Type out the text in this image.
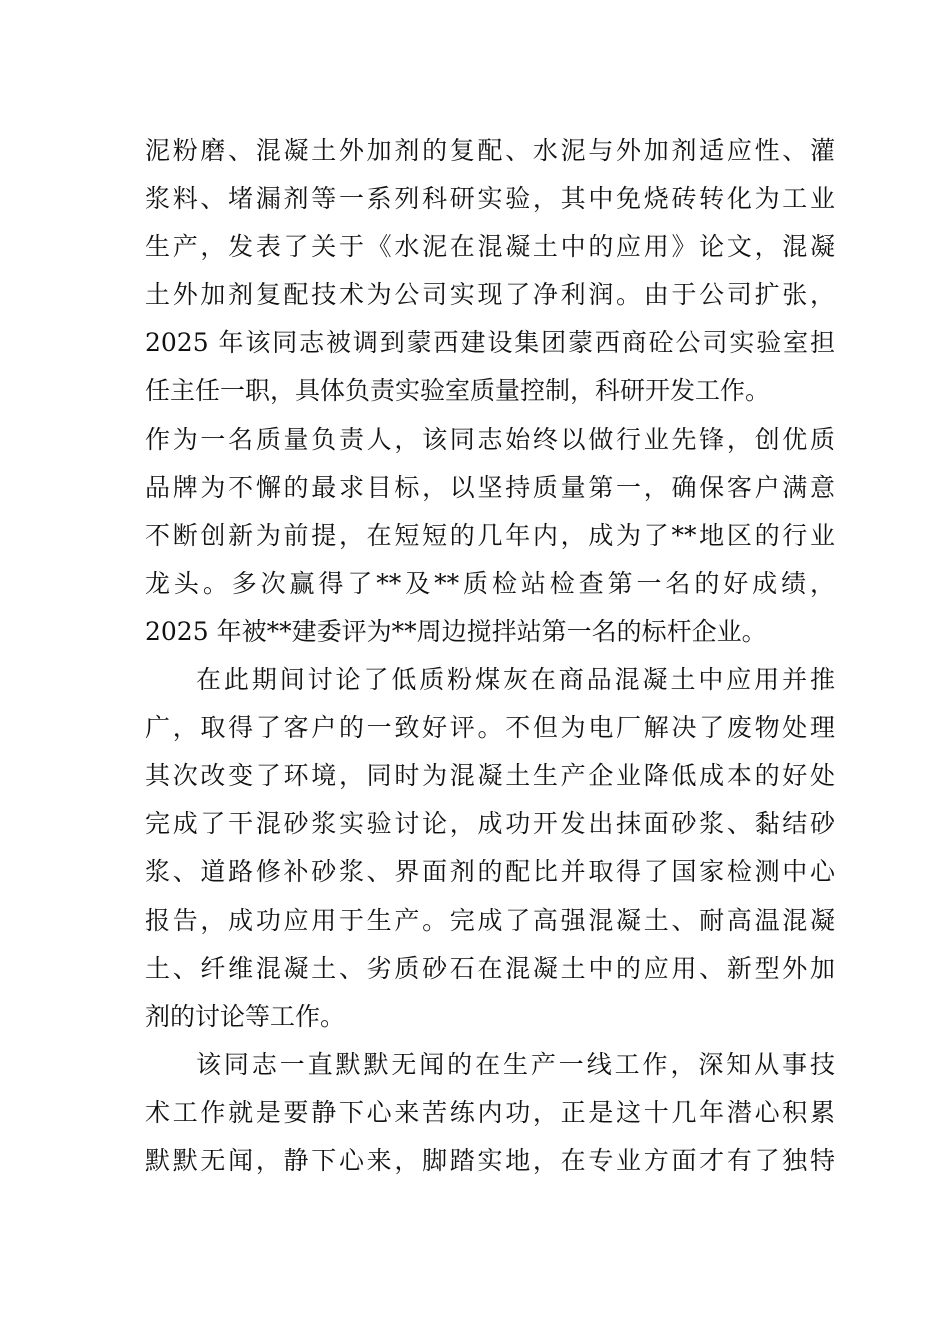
泥粉磨、混凝土外加剂的复配、水泥与外加剂适应性、灌
浆料、堵漏剂等一系列科研实验，其中免烧砖转化为工业
生产，发表了关于《水泥在混凝土中的应用》论文，混凝
土外加剂复配技术为公司实现了净利润。由于公司扩张，
2025 年该同志被调到蒙西建设集团蒙西商砼公司实验室担
任主任一职，具体负责实验室质量控制，科研开发工作。
作为一名质量负责人，该同志始终以做行业先锋，创优质
品牌为不懈的最求目标，以坚持质量第一，确保客户满意
不断创新为前提，在短短的几年内，成为了**地区的行业
龙头。多次赢得了**及**质检站检查第一名的好成绩，
2025 年被**建委评为**周边搅拌站第一名的标杆企业。
在此期间讨论了低质粉煤灰在商品混凝土中应用并推
广，取得了客户的一致好评。不但为电厂解决了废物处理
其次改变了环境，同时为混凝土生产企业降低成本的好处
完成了干混砂浆实验讨论，成功开发出抹面砂浆、黏结砂
浆、道路修补砂浆、界面剂的配比并取得了国家检测中心
报告，成功应用于生产。完成了高强混凝土、耐高温混凝
土、纤维混凝土、劣质砂石在混凝土中的应用、新型外加
剂的讨论等工作。
该同志一直默默无闻的在生产一线工作，深知从事技
术工作就是要静下心来苦练内功，正是这十几年潜心积累
默默无闻，静下心来，脚踏实地，在专业方面才有了独特
